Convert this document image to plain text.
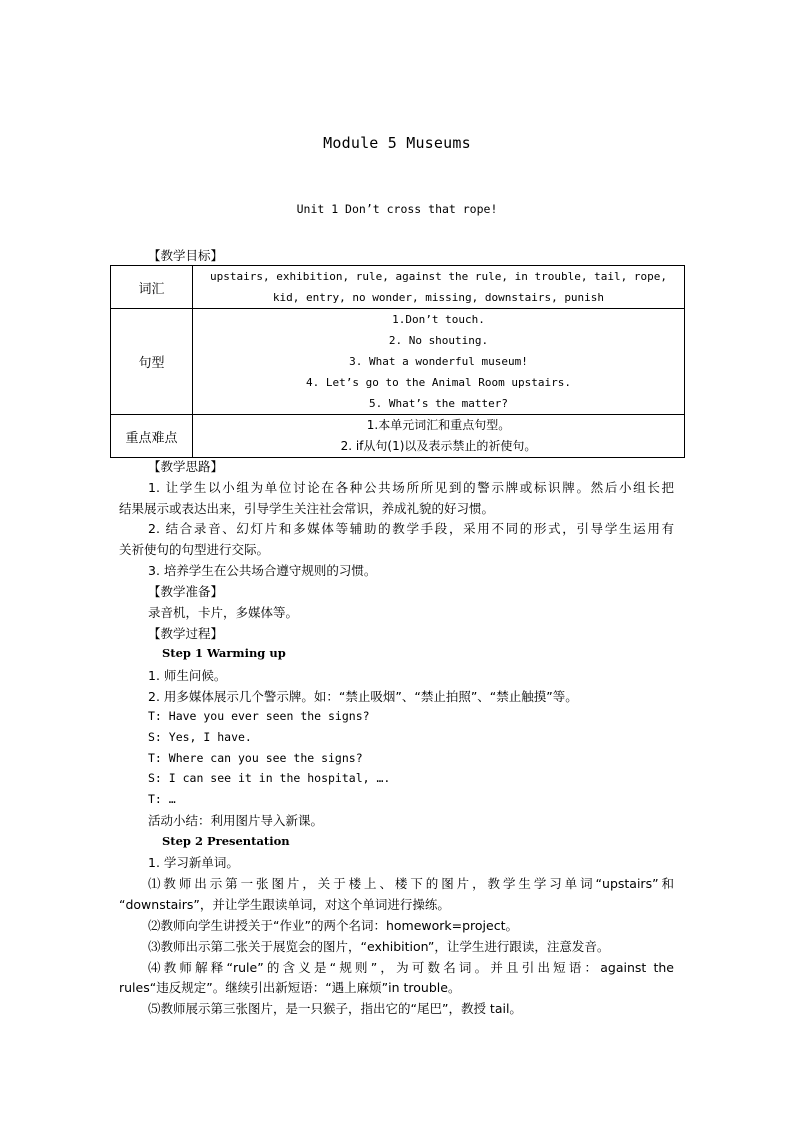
Module 5 Museums
Unit 1 Don’t cross that rope!
【教学目标】
词汇	upstairs, exhibition, rule, against the rule, in trouble, tail, rope,
kid, entry, no wonder, missing, downstairs, punish

句型	1.Don’t touch.
2. No shouting.
3. What a wonderful museum!
4. Let’s go to the Animal Room upstairs.
5. What’s the matter?

重点难点	1.本单元词汇和重点句型。
2. if从句(1)以及表示禁止的祈使句。
【教学思路】
1. 让学生以小组为单位讨论在各种公共场所所见到的警示牌或标识牌。然后小组长把
结果展示或表达出来，引导学生关注社会常识，养成礼貌的好习惯。
2. 结合录音、幻灯片和多媒体等辅助的教学手段，采用不同的形式，引导学生运用有
关祈使句的句型进行交际。
3. 培养学生在公共场合遵守规则的习惯。
【教学准备】
录音机，卡片，多媒体等。
【教学过程】
Step 1 Warming up
1. 师生问候。
2. 用多媒体展示几个警示牌。如：“禁止吸烟”、“禁止拍照”、“禁止触摸”等。
T: Have you ever seen the signs?
S: Yes, I have.
T: Where can you see the signs?
S: I can see it in the hospital, ….
T: …
活动小结：利用图片导入新课。
Step 2 Presentation
1. 学习新单词。
⑴教师出示第一张图片，关于楼上、楼下的图片，教学生学习单词“upstairs”和
“downstairs”，并让学生跟读单词，对这个单词进行操练。
⑵教师向学生讲授关于“作业”的两个名词：homework=project。
⑶教师出示第二张关于展览会的图片，“exhibition”，让学生进行跟读，注意发音。
⑷教师解释“rule”的含义是“规则”，为可数名词。并且引出短语：against the
rules“违反规定”。继续引出新短语：“遇上麻烦”in trouble。
⑸教师展示第三张图片，是一只猴子，指出它的“尾巴”，教授 tail。
